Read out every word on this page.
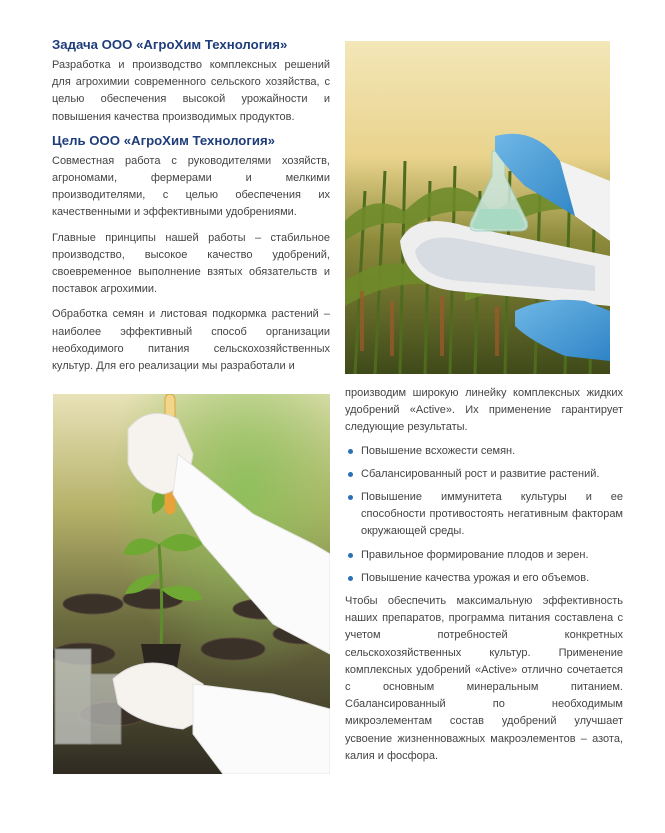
Задача ООО «АгроХим Технология»

Разработка и производство комплексных решений для агрохимии современного сельского хозяйства, с целью обеспечения высокой урожайности и повышения качества производимых продуктов.

Цель ООО «АгроХим Технология»

Совместная работа с руководителями хозяйств, агрономами, фермерами и мелкими производителями, с целью обеспечения их качественными и эффективными удобрениями.

Главные принципы нашей работы – стабильное производство, высокое качество удобрений, своевременное выполнение взятых обязательств и поставок агрохимии.

Обработка семян и листовая подкормка растений – наиболее эффективный способ организации необходимого питания сельскохозяйственных культур. Для его реализации мы разработали и

производим широкую линейку комплексных жидких удобрений «Active». Их применение гарантирует следующие результаты.

Повышение всхожести семян.
Сбалансированный рост и развитие растений.
Повышение иммунитета культуры и ее способности противостоять негативным факторам окружающей среды.
Правильное формирование плодов и зерен.
Повышение качества урожая и его объемов.

Чтобы обеспечить максимальную эффективность наших препаратов, программа питания составлена с учетом потребностей конкретных сельскохозяйственных культур. Применение комплексных удобрений «Active» отлично сочетается с основным минеральным питанием. Сбалансированный по необходимым микроэлементам состав удобрений улучшает усвоение жизненноважных макроэлементов – азота, калия и фосфора.
